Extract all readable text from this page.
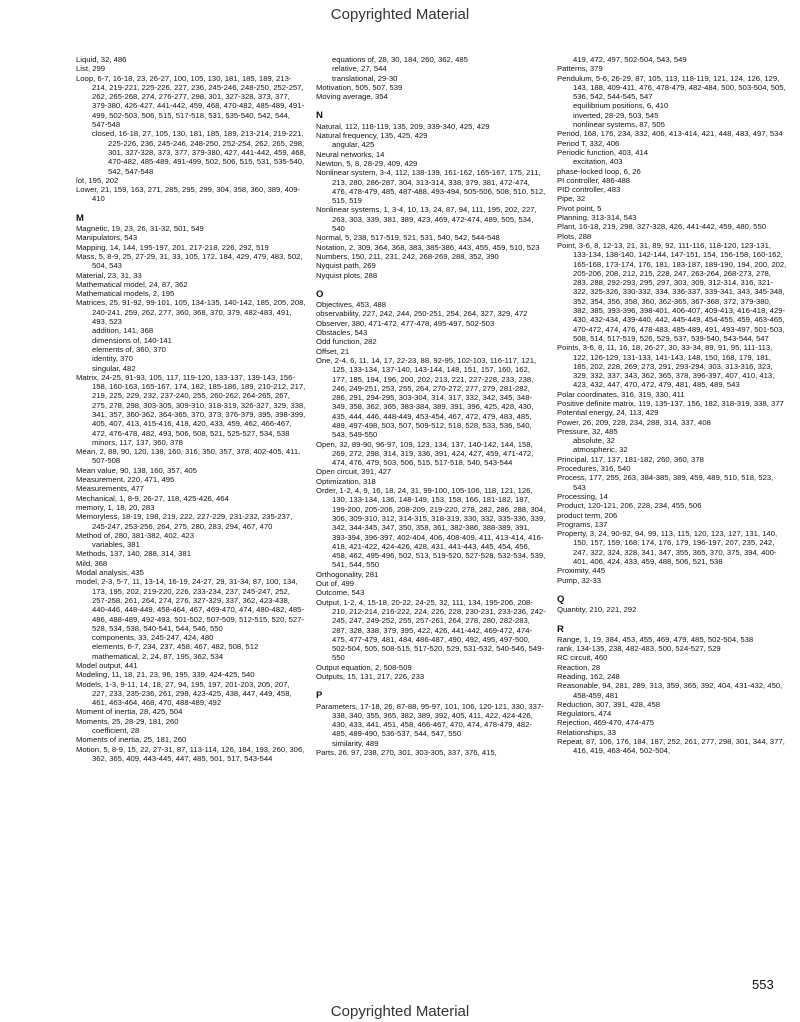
Copyrighted Material
Liquid, 32, 486
List, 299
Loop, 6-7, 16-18, 23, 26-27, 100, 105, 130, 181, 185, 189, 213-214, 219-221, 225-226, 227, 236, 245-246, 248-250, 252-257, 262, 265-268, 274, 276-277, 298, 301, 327-328, 373, 377, 379-380, 426-427, 441-442, 459, 468, 470-482, 485-489, 491-499, 502-503, 506, 515, 517-518, 531, 535-540, 542, 544, 547-548
closed, 16-18, 27, 105, 130, 181, 185, 189, 213-214, 219-221, 225-226, 236, 245-246, 248-250, 252-254, 262, 265, 298, 301, 327-328, 373, 377, 379-380, 427, 441-442, 459, 468, 470-482, 485-489, 491-499, 502, 506, 515, 531, 535-540, 542, 547-548
lot, 195, 202
Lower, 21, 159, 163, 271, 285, 295, 299, 304, 358, 360, 389, 409-410
M
Magnetic, 19, 23, 26, 31-32, 501, 549
Manipulators, 543
Mapping, 14, 144, 195-197, 201, 217-218, 226, 292, 519
Mass, 5, 8-9, 25, 27-29, 31, 33, 105, 172, 184, 429, 479, 483, 502, 504, 543
Material, 23, 31, 33
Mathematical model, 24, 87, 362
Mathematical models, 2, 195
Matrices, 25, 91-92, 99-101, 105, 134-135, 140-142, 185, 205, 208, 240-241, 259, 262, 277, 360, 368, 370, 379, 482-483, 491, 493, 523
addition, 141, 368
dimensions of, 140-141
elements of, 360, 370
identity, 370
singular, 482
Matrix, 24-25, 91-93, 105, 117, 119-120, 133-137, 139-143, 156-158, 160-163, 165-167, 174, 182, 185-186, 189, 210-212, 217, 219, 225, 229, 232, 237-240, 255, 260-262, 264-265, 267, 275, 278, 298, 303-305, 309-310, 318-319, 326-327, 329, 338, 341, 357, 360-362, 364-365, 370, 373, 376-379, 395, 398-399, 405, 407, 413, 415-416, 418, 420, 433, 459, 462, 466-467, 472, 476-478, 482, 493, 506, 508, 521, 525-527, 534, 538
minors, 117, 137, 360, 378
Mean, 2, 88, 90, 120, 138, 160, 316, 350, 357, 378, 402-405, 411, 507-508
Mean value, 90, 138, 160, 357, 405
Measurement, 220, 471, 495
Measurements, 477
Mechanical, 1, 8-9, 26-27, 118, 425-426, 464
memory, 1, 18, 20, 283
Memoryless, 18-19, 198, 219, 222, 227-229, 231-232, 235-237, 245-247, 253-256, 264, 275, 280, 283, 294, 467, 470
Method of, 280, 381-382, 402, 423
variables, 381
Methods, 137, 140, 288, 314, 381
Mild, 368
Modal analysis, 435
model, 2-3, 5-7, 11, 13-14, 16-19, 24-27, 29, 31-34, 87, 100, 134, 173, 195, 202, 219-220, 226, 233-234, 237, 245-247, 252, 257-258, 261, 264, 274, 276, 327-329, 337, 362, 423-438, 440-446, 448-449, 458-464, 467, 469-470, 474, 480-482, 485-486, 488-489, 492-493, 501-502, 507-509, 512-515, 520, 527-528, 534, 538, 540-541, 544, 546, 550
components, 33, 245-247, 424, 480
elements, 6-7, 234, 237, 458, 467, 482, 508, 512
mathematical, 2, 24, 87, 195, 362, 534
Model output, 441
Modeling, 11, 18, 21, 23, 96, 195, 339, 424-425, 540
Models, 1-3, 9-11, 14, 18, 27, 94, 195, 197, 201-203, 205, 207, 227, 233, 235-236, 261, 298, 423-425, 438, 447, 449, 458, 461, 463-464, 468, 470, 488-489, 492
Moment of inertia, 28, 425, 504
Moments, 25, 28-29, 181, 260
coefficient, 28
Moments of inertia, 25, 181, 260
Motion, 5, 8-9, 15, 22, 27-31, 87, 113-114, 126, 184, 193, 260, 306, 362, 365, 409, 443-445, 447, 485, 501, 517, 543-544
equations of, 28, 30, 184, 260, 362, 485
relative, 27, 544
translational, 29-30
Motivation, 505, 507, 539
Moving average, 354
N
Natural, 112, 118-119, 135, 209, 339-340, 425, 429
Natural frequency, 135, 425, 429
angular, 425
Neural networks, 14
Newton, 5, 8, 28-29, 409, 429
Nonlinear system, 3-4, 112, 138-139, 161-162, 165-167, 175, 211, 213, 280, 286-287, 304, 313-314, 338, 379, 381, 472-474, 476, 478-479, 485, 487-488, 493-494, 505-506, 508, 510, 512, 515, 519
Nonlinear systems, 1, 3-4, 10, 13, 24, 87, 94, 111, 195, 202, 227, 263, 303, 339, 381, 389, 423, 469, 472-474, 489, 505, 534, 540
Normal, 5, 238, 517-519, 521, 531, 540, 542, 544-548
Notation, 2, 309, 364, 368, 383, 385-386, 443, 455, 459, 510, 523
Numbers, 150, 211, 231, 242, 268-269, 288, 352, 390
Nyquist path, 269
Nyquist plots, 288
O
Objectives, 453, 488
observability, 227, 242, 244, 250-251, 254, 264, 327, 329, 472
Observer, 380, 471-472, 477-478, 495-497, 502-503
Obstacles, 543
Odd function, 282
Offset, 21
One, 2-4, 6, 11, 14, 17, 22-23, 88, 92-95, 102-103, 116-117, 121, 125, 133-134, 137-140, 143-144, 148, 151, 157, 160, 162, 177, 185, 194, 196, 200, 202, 213, 221, 227-228, 233, 238, 246, 249-251, 253, 255, 264, 270-272, 277, 279, 281-282, 286, 291, 294-295, 303-304, 314, 317, 332, 342, 345, 348-349, 358, 362, 365, 383-384, 389, 391, 396, 425, 428, 430, 435, 444, 446, 448-449, 453-454, 467, 472, 479, 483, 485, 489, 497-498, 503, 507, 509-512, 518, 528, 533, 536, 540, 543, 549-550
Open, 32, 89-90, 96-97, 109, 123, 134, 137, 140-142, 144, 158, 269, 272, 298, 314, 319, 336, 391, 424, 427, 459, 471-472, 474, 476, 479, 503, 506, 515, 517-518, 540, 543-544
Open circuit, 391, 427
Optimization, 318
Order, 1-2, 4, 9, 16, 18, 24, 31, 99-100, 105-106, 118, 121, 126, 130, 133-134, 136, 148-149, 153, 158, 166, 181-182, 187, 199-200, 205-206, 208-209, 219-220, 278, 282, 286, 288, 304, 306, 309-310, 312, 314-315, 318-319, 330, 332, 335-336, 339, 342, 344-345, 347, 350, 358, 361, 382-386, 388-389, 391, 393-394, 396-397, 402-404, 406, 408-409, 411, 413-414, 416-418, 421-422, 424-426, 428, 431, 441-443, 445, 454, 456, 458, 462, 495-496, 502, 513, 519-520, 527-528, 532-534, 539, 541, 544, 550
Orthogonality, 281
Out of, 499
Outcome, 543
Output, 1-2, 4, 15-18, 20-22, 24-25, 32, 111, 134, 195-206, 208-210, 212-214, 216-222, 224, 226, 228, 230-231, 233-236, 242-245, 247, 249-252, 255, 257-261, 264, 278, 280, 282-283, 287, 328, 338, 379, 395, 422, 426, 441-442, 469-472, 474-475, 477-479, 481, 484, 486-487, 490, 492, 495, 497-500, 502-504, 505, 508-515, 517-520, 529, 531-532, 540-546, 549-550
Output equation, 2, 508-509
Outputs, 15, 131, 217, 226, 233
P
Parameters, 17-18, 26, 87-88, 95-97, 101, 106, 120-121, 330, 337-338, 340, 355, 365, 382, 389, 392, 405, 411, 422, 424-426, 430, 433, 441, 451, 458, 466-467, 470, 474, 478-479, 482-485, 489-490, 536-537, 544, 547, 550
similarity, 489
Parts, 26, 97, 238, 270, 301, 303-305, 337, 376, 415,
419, 472, 497, 502-504, 543, 549
Patterns, 379
Pendulum, 5-6, 26-29, 87, 105, 113, 118-119, 121, 124, 126, 129, 143, 188, 409-411, 476, 478-479, 482-484, 500, 503-504, 505, 536, 542, 544-545, 547
equilibrium positions, 6, 410
inverted, 28-29, 503, 545
nonlinear systems, 87, 505
Period, 168, 176, 234, 332, 406, 413-414, 421, 448, 483, 497, 534
Period T, 332, 406
Periodic function, 403, 414
excitation, 403
phase-locked loop, 6, 26
PI controller, 486-488
PID controller, 483
Pipe, 32
Pivot point, 5
Planning, 313-314, 543
Plant, 16-18, 219, 298, 327-328, 426, 441-442, 459, 480, 550
Plots, 288
Point, 3-6, 8, 12-13, 21, 31, 89, 92, 111-116, 118-120, 123-131, 133-134, 138-140, 142-144, 147-151, 154, 156-158, 160-162, 165-168, 173-174, 176, 181, 183-187, 189-190, 194, 200, 202, 205-206, 208, 212, 215, 228, 247, 263-264, 268-273, 278, 283, 288, 292-293, 295, 297, 303, 309, 312-314, 316, 321-322, 325-326, 330-332, 334, 336-337, 339-341, 343, 345-348, 352, 354, 356, 358, 360, 362-365, 367-368, 372, 379-380, 382, 385, 393-396, 398-401, 406-407, 409-413, 416-418, 429-430, 432-434, 439-440, 442, 445-449, 454-455, 459, 463-465, 470-472, 474, 476, 478-483, 485-489, 491, 493-497, 501-503, 508, 514, 517-519, 526, 529, 537, 539-540, 543-544, 547
Points, 3-6, 8, 11, 16, 18, 26-27, 30, 33-34, 89, 91, 95, 111-113, 122, 126-129, 131-133, 141-143, 148, 150, 168, 179, 181, 185, 202, 228, 269, 273, 291, 293-294, 303, 313-316, 323, 329, 332, 337, 343, 362, 365, 378, 396-397, 407, 410, 413, 423, 432, 447, 470, 472, 479, 481, 485, 489, 543
Polar coordinates, 316, 319, 330, 411
Positive definite matrix, 119, 135-137, 156, 182, 318-319, 338, 377
Potential energy, 24, 113, 429
Power, 26, 209, 228, 234, 288, 314, 337, 408
Pressure, 32, 485
absolute, 32
atmospheric, 32
Principal, 117, 137, 181-182, 260, 360, 378
Procedures, 316, 540
Process, 177, 255, 263, 384-385, 389, 459, 489, 510, 518, 523, 543
Processing, 14
Product, 120-121, 206, 228, 234, 455, 506
product term, 206
Programs, 137
Property, 3, 24, 90-92, 94, 99, 113, 115, 120, 123, 127, 131, 140, 150, 157, 159, 168, 174, 176, 179, 196-197, 207, 235, 242, 247, 322, 324, 328, 341, 347, 355, 365, 370, 375, 394, 400-401, 406, 424, 433, 459, 488, 506, 521, 538
Proximity, 445
Pump, 32-33
Q
Quantity, 210, 221, 292
R
Range, 1, 19, 384, 453, 455, 469, 479, 485, 502-504, 538
rank, 134-135, 238, 482-483, 500, 524-527, 529
RC circuit, 460
Reaction, 28
Reading, 162, 248
Reasonable, 94, 281, 289, 313, 359, 365, 392, 404, 431-432, 450, 458-459, 481
Reduction, 307, 391, 428, 458
Regulators, 474
Rejection, 469-470, 474-475
Relationships, 33
Repeat, 87, 106, 176, 184, 187, 252, 261, 277, 298, 301, 344, 377, 416, 419, 463-464, 502-504,
553
Copyrighted Material
